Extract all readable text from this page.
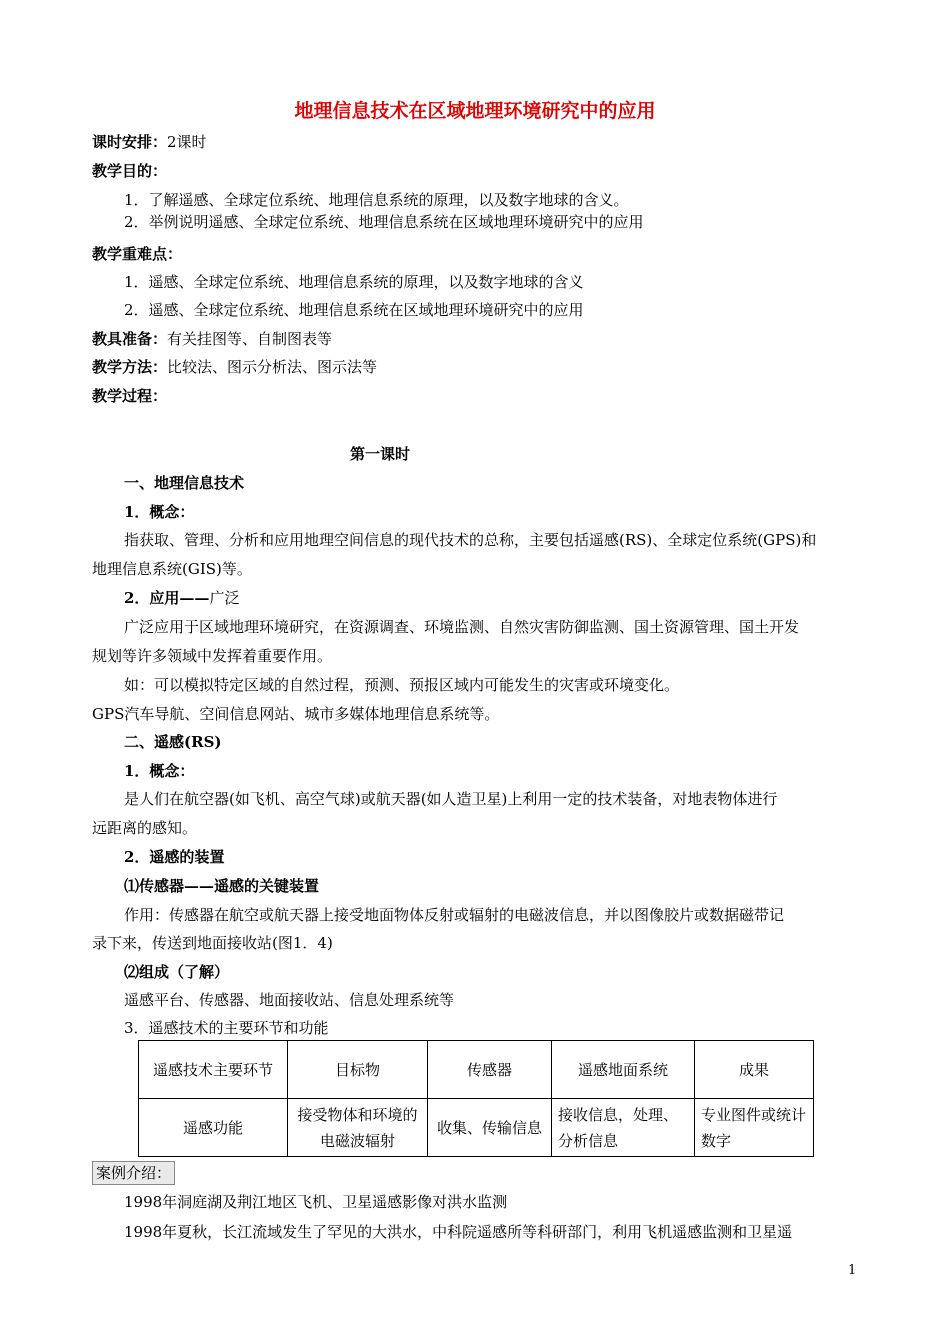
地理信息技术在区域地理环境研究中的应用
课时安排：2课时
教学目的：
1．了解遥感、全球定位系统、地理信息系统的原理，以及数字地球的含义。
2．举例说明遥感、全球定位系统、地理信息系统在区域地理环境研究中的应用
教学重难点：
1．遥感、全球定位系统、地理信息系统的原理，以及数字地球的含义
2．遥感、全球定位系统、地理信息系统在区域地理环境研究中的应用
教具准备：有关挂图等、自制图表等
教学方法：比较法、图示分析法、图示法等
教学过程：
第一课时
一、地理信息技术
1．概念：
指获取、管理、分析和应用地理空间信息的现代技术的总称，主要包括遥感(RS)、全球定位系统(GPS)和
地理信息系统(GIS)等。
2．应用——广泛
广泛应用于区域地理环境研究，在资源调查、环境监测、自然灾害防御监测、国土资源管理、国土开发
规划等许多领域中发挥着重要作用。
如：可以模拟特定区域的自然过程，预测、预报区域内可能发生的灾害或环境变化。
GPS汽车导航、空间信息网站、城市多媒体地理信息系统等。
二、遥感(RS)
1．概念：
是人们在航空器(如飞机、高空气球)或航天器(如人造卫星)上利用一定的技术装备，对地表物体进行
远距离的感知。
2．遥感的装置
⑴传感器——遥感的关键装置
作用：传感器在航空或航天器上接受地面物体反射或辐射的电磁波信息，并以图像胶片或数据磁带记
录下来，传送到地面接收站(图1．4)
⑵组成（了解）
遥感平台、传感器、地面接收站、信息处理系统等
3．遥感技术的主要环节和功能
遥感技术主要环节	目标物	传感器	遥感地面系统	成果
遥感功能	接受物体和环境的电磁波辐射	收集、传输信息	接收信息，处理、分析信息	专业图件或统计数字
案例介绍：
1998年洞庭湖及荆江地区飞机、卫星遥感影像对洪水监测
1998年夏秋，长江流域发生了罕见的大洪水，中科院遥感所等科研部门，利用飞机遥感监测和卫星遥
1
